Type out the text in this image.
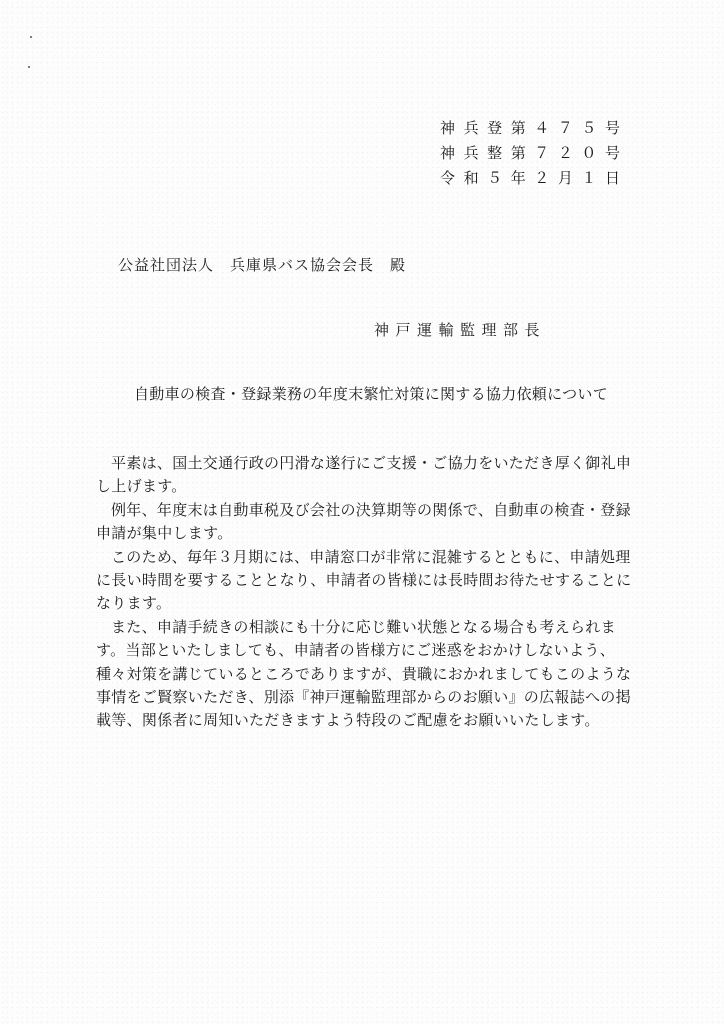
神 兵 登 第 ４ ７ ５ 号
神 兵 整 第 ７ ２ ０ 号
令 和 ５ 年 ２ 月 １ 日
公益社団法人　兵庫県バス協会会長　殿
神戸運輸監理部長
自動車の検査・登録業務の年度末繁忙対策に関する協力依頼について

平素は、国土交通行政の円滑な遂行にご支援・ご協力をいただき厚く御礼申し上げます。

例年、年度末は自動車税及び会社の決算期等の関係で、自動車の検査・登録申請が集中します。

このため、毎年３月期には、申請窓口が非常に混雑するとともに、申請処理に長い時間を要することとなり、申請者の皆様には長時間お待たせすることになります。

また、申請手続きの相談にも十分に応じ難い状態となる場合も考えられます。当部といたしましても、申請者の皆様方にご迷惑をおかけしないよう、種々対策を講じているところでありますが、貴職におかれましてもこのような事情をご賢察いただき、別添『神戸運輸監理部からのお願い』の広報誌への掲載等、関係者に周知いただきますよう特段のご配慮をお願いいたします。
